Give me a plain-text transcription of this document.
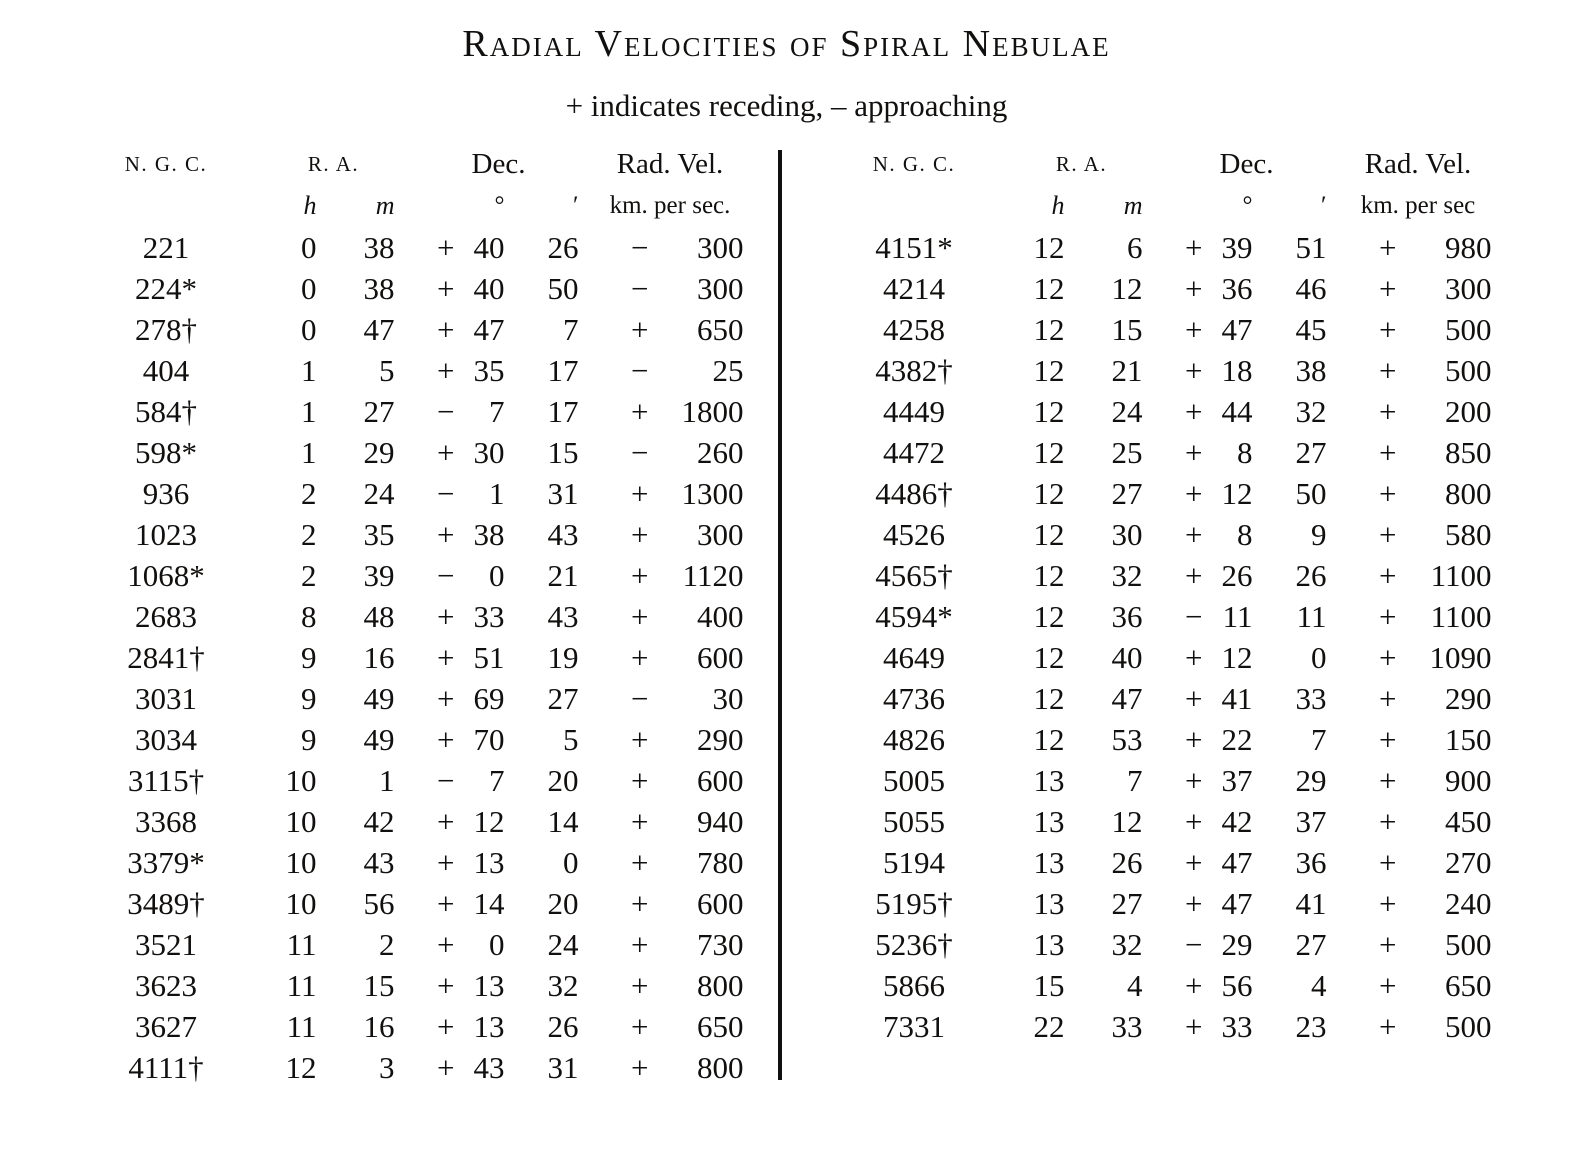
Radial Velocities of Spiral Nebulae
+ indicates receding, – approaching
N. G. C.	R. A.		Dec.			Rad. Vel.	
	h	m		°	′	km. per sec.	
221	0	38	+	40	26	−	300
224*	0	38	+	40	50	−	300
278†	0	47	+	47	7	+	650
404	1	5	+	35	17	−	25
584†	1	27	−	7	17	+	1800
598*	1	29	+	30	15	−	260
936	2	24	−	1	31	+	1300
1023	2	35	+	38	43	+	300
1068*	2	39	−	0	21	+	1120
2683	8	48	+	33	43	+	400
2841†	9	16	+	51	19	+	600
3031	9	49	+	69	27	−	30
3034	9	49	+	70	5	+	290
3115†	10	1	−	7	20	+	600
3368	10	42	+	12	14	+	940
3379*	10	43	+	13	0	+	780
3489†	10	56	+	14	20	+	600
3521	11	2	+	0	24	+	730
3623	11	15	+	13	32	+	800
3627	11	16	+	13	26	+	650
4111†	12	3	+	43	31	+	800
N. G. C.	R. A.		Dec.			Rad. Vel.	
	h	m		°	′	km. per sec	
4151*	12	6	+	39	51	+	980
4214	12	12	+	36	46	+	300
4258	12	15	+	47	45	+	500
4382†	12	21	+	18	38	+	500
4449	12	24	+	44	32	+	200
4472	12	25	+	8	27	+	850
4486†	12	27	+	12	50	+	800
4526	12	30	+	8	9	+	580
4565†	12	32	+	26	26	+	1100
4594*	12	36	−	11	11	+	1100
4649	12	40	+	12	0	+	1090
4736	12	47	+	41	33	+	290
4826	12	53	+	22	7	+	150
5005	13	7	+	37	29	+	900
5055	13	12	+	42	37	+	450
5194	13	26	+	47	36	+	270
5195†	13	27	+	47	41	+	240
5236†	13	32	−	29	27	+	500
5866	15	4	+	56	4	+	650
7331	22	33	+	33	23	+	500
